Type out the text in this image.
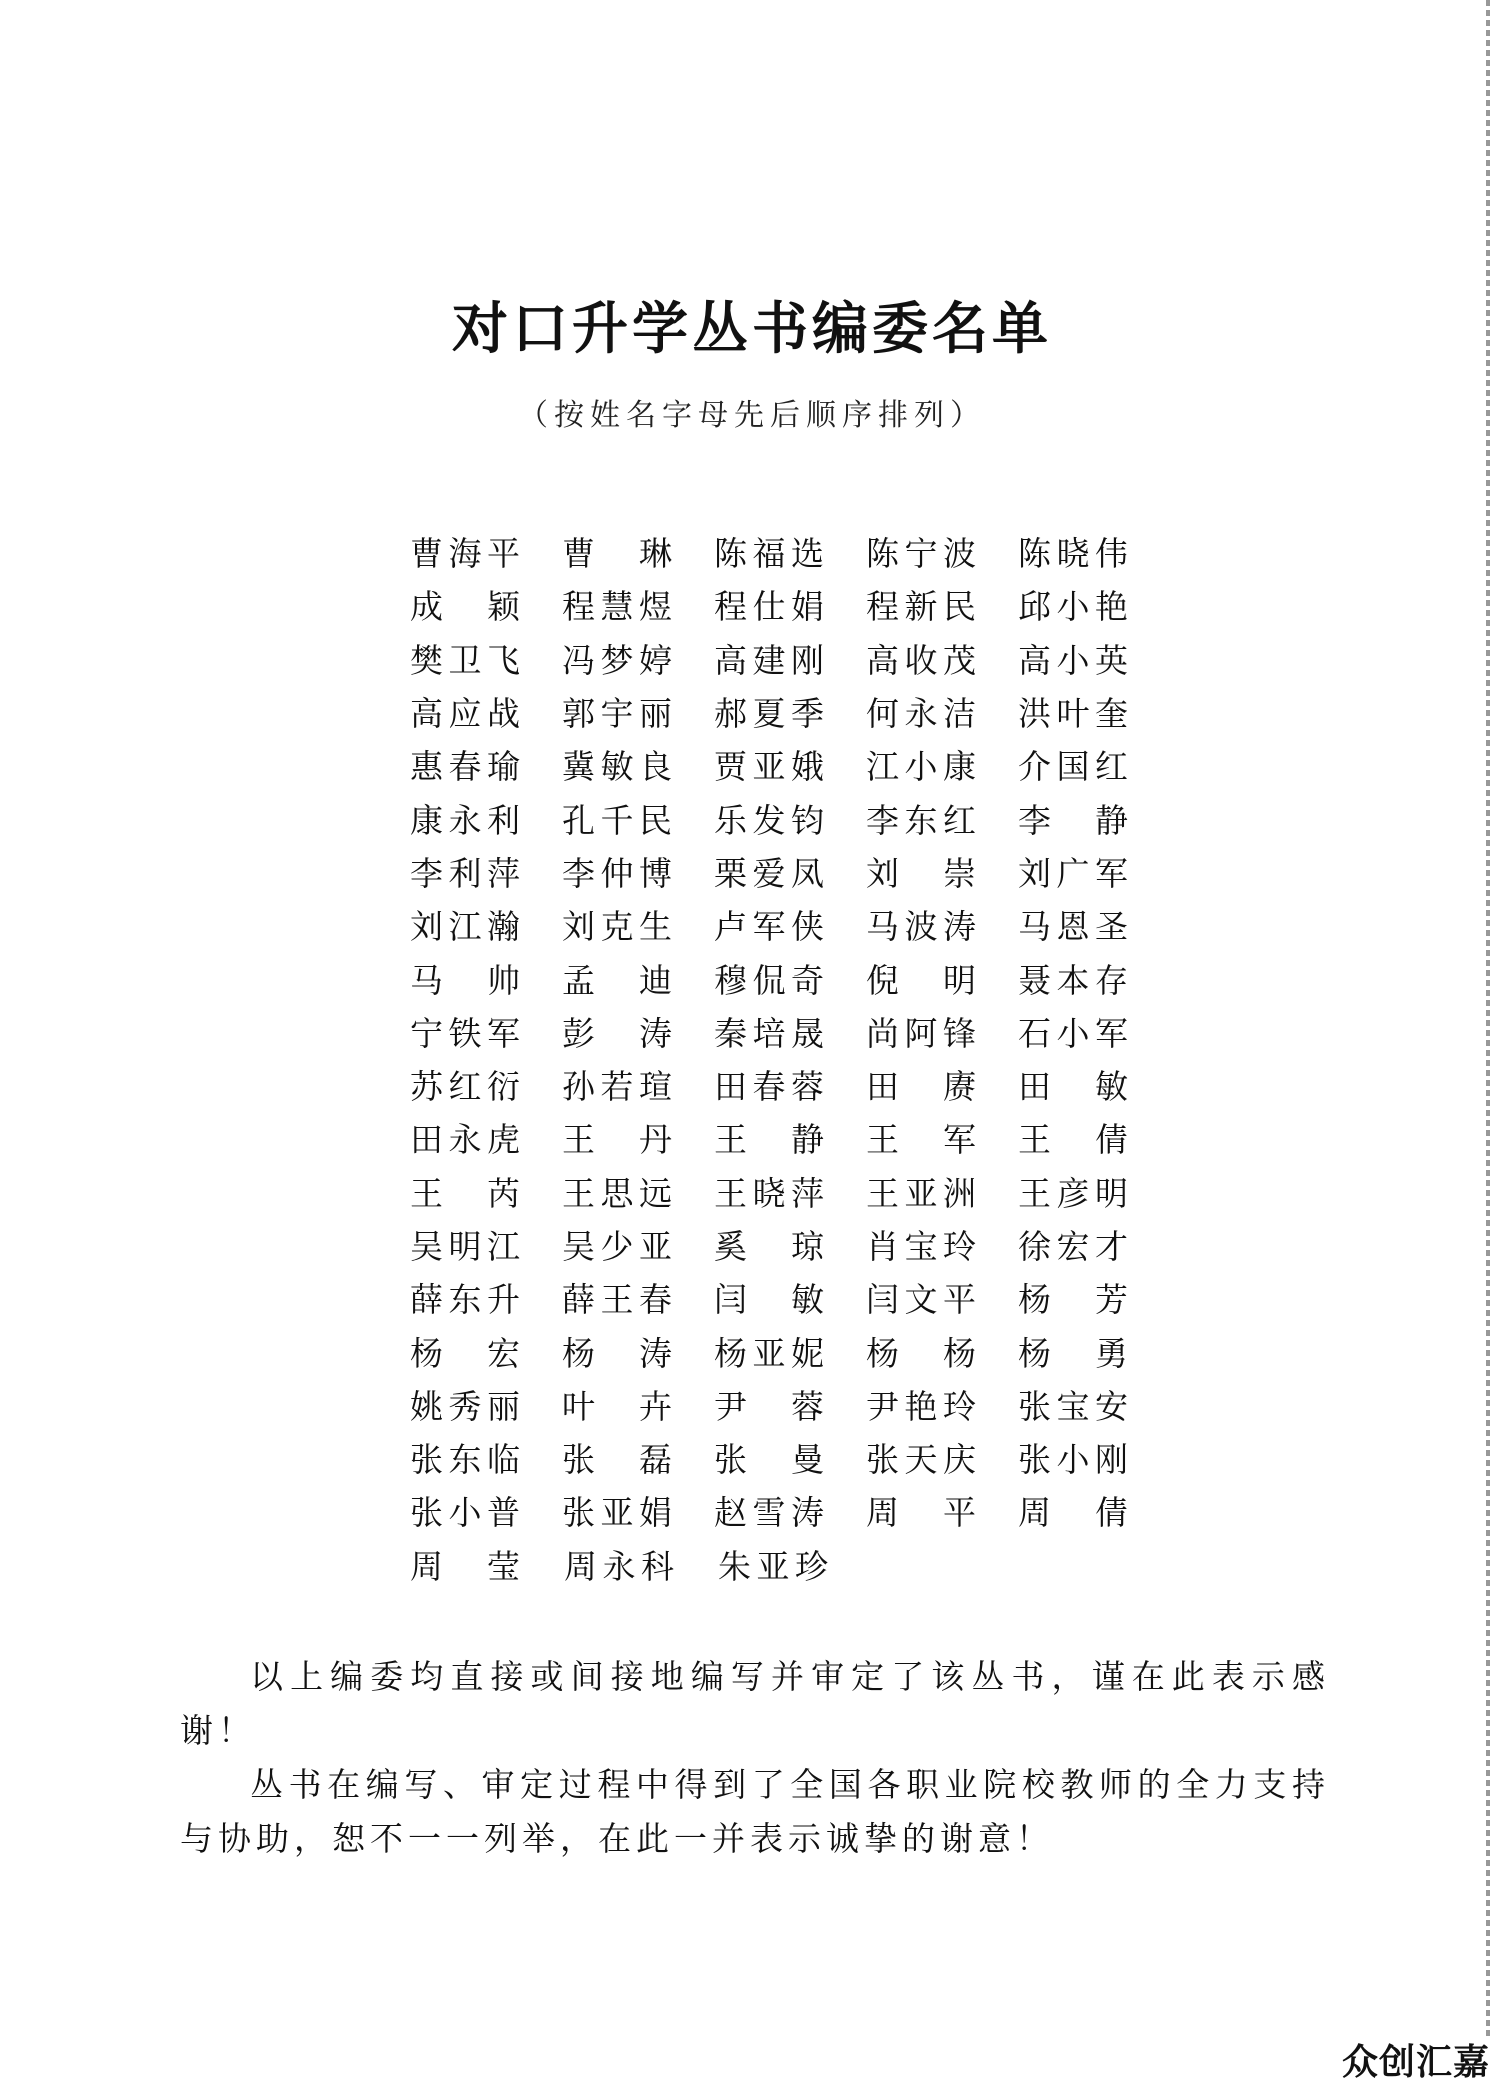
对口升学丛书编委名单
（按姓名字母先后顺序排列）
曹 海 平 曹 琳 陈 福 选 陈 宁 波 陈 晓 伟
成 颖 程 慧 煜 程 仕 娟 程 新 民 邱 小 艳
樊 卫 飞 冯 梦 婷 高 建 刚 高 收 茂 高 小 英
高 应 战 郭 宇 丽 郝 夏 季 何 永 洁 洪 叶 奎
惠 春 瑜 冀 敏 良 贾 亚 娥 江 小 康 介 国 红
康 永 利 孔 千 民 乐 发 钧 李 东 红 李 静
李 利 萍 李 仲 博 栗 爱 凤 刘 崇 刘 广 军
刘 江 瀚 刘 克 生 卢 军 侠 马 波 涛 马 恩 圣
马 帅 孟 迪 穆 侃 奇 倪 明 聂 本 存
宁 铁 军 彭 涛 秦 培 晟 尚 阿 锋 石 小 军
苏 红 衍 孙 若 瑄 田 春 蓉 田 赓 田 敏
田 永 虎 王 丹 王 静 王 军 王 倩
王 芮 王 思 远 王 晓 萍 王 亚 洲 王 彦 明
吴 明 江 吴 少 亚 奚 琼 肖 宝 玲 徐 宏 才
薛 东 升 薛 王 春 闫 敏 闫 文 平 杨 芳
杨 宏 杨 涛 杨 亚 妮 杨 杨 杨 勇
姚 秀 丽 叶 卉 尹 蓉 尹 艳 玲 张 宝 安
张 东 临 张 磊 张 曼 张 天 庆 张 小 刚
张 小 普 张 亚 娟 赵 雪 涛 周 平 周 倩
周 莹 周 永 科 朱 亚 珍

以上编委均直接或间接地编写并审定了该丛书，谨在此表示感谢！

丛书在编写、审定过程中得到了全国各职业院校教师的全力支持与协助，恕不一一列举，在此一并表示诚挚的谢意！

众创汇嘉
